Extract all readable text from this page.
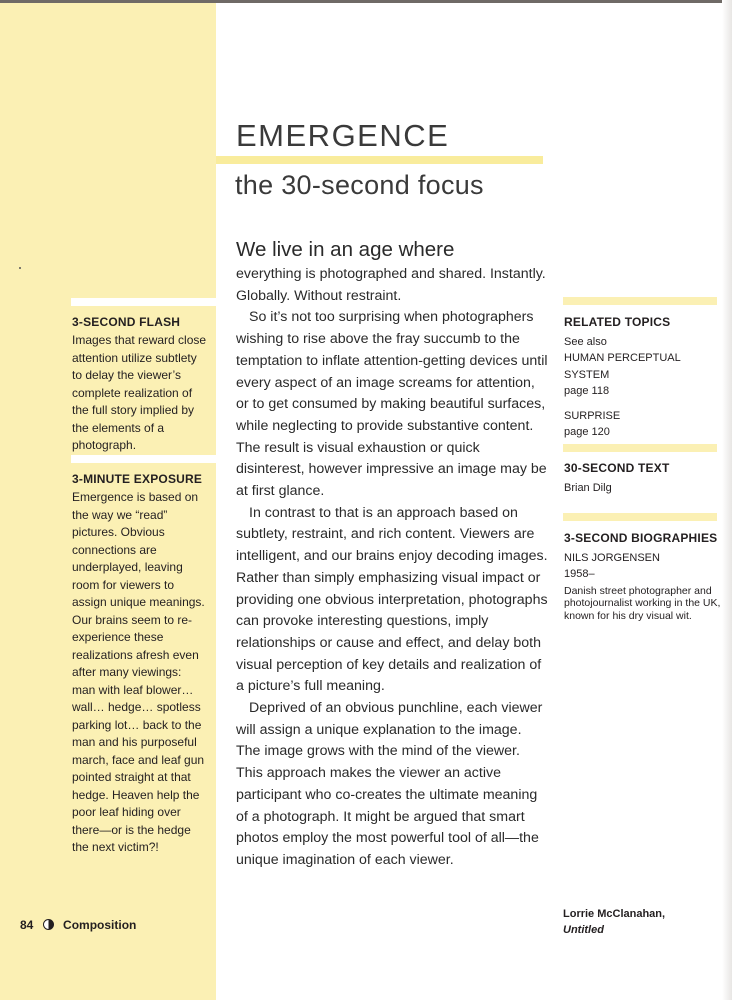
3-SECOND FLASH

Images that reward close attention utilize subtlety to delay the viewer’s complete realization of the full story implied by the elements of a photograph.

3-MINUTE EXPOSURE

Emergence is based on the way we “read” pictures. Obvious connections are underplayed, leaving room for viewers to assign unique meanings. Our brains seem to re-experience these realizations afresh even after many viewings: man with leaf blower… wall… hedge… spotless parking lot… back to the man and his purposeful march, face and leaf gun pointed straight at that hedge. Heaven help the poor leaf hiding over there—or is the hedge the next victim?!

84 Composition
EMERGENCE
the 30-second focus
We live in an age where

everything is photographed and shared. Instantly. Globally. Without restraint.

So it’s not too surprising when photographers wishing to rise above the fray succumb to the temptation to inflate attention-getting devices until every aspect of an image screams for attention, or to get consumed by making beautiful surfaces, while neglecting to provide substantive content. The result is visual exhaustion or quick disinterest, however impressive an image may be at first glance.

In contrast to that is an approach based on subtlety, restraint, and rich content. Viewers are intelligent, and our brains enjoy decoding images. Rather than simply emphasizing visual impact or providing one obvious interpretation, photographs can provoke interesting questions, imply relationships or cause and effect, and delay both visual perception of key details and realization of a picture’s full meaning.

Deprived of an obvious punchline, each viewer will assign a unique explanation to the image. The image grows with the mind of the viewer. This approach makes the viewer an active participant who co-creates the ultimate meaning of a photograph. It might be argued that smart photos employ the most powerful tool of all—the unique imagination of each viewer.

RELATED TOPICS
See also
HUMAN PERCEPTUAL SYSTEM
page 118
SURPRISE
page 120
30-SECOND TEXT
Brian Dilg
3-SECOND BIOGRAPHIES
NILS JORGENSEN
1958–
Danish street photographer and photojournalist working in the UK, known for his dry visual wit.
Lorrie McClanahan,
Untitled
